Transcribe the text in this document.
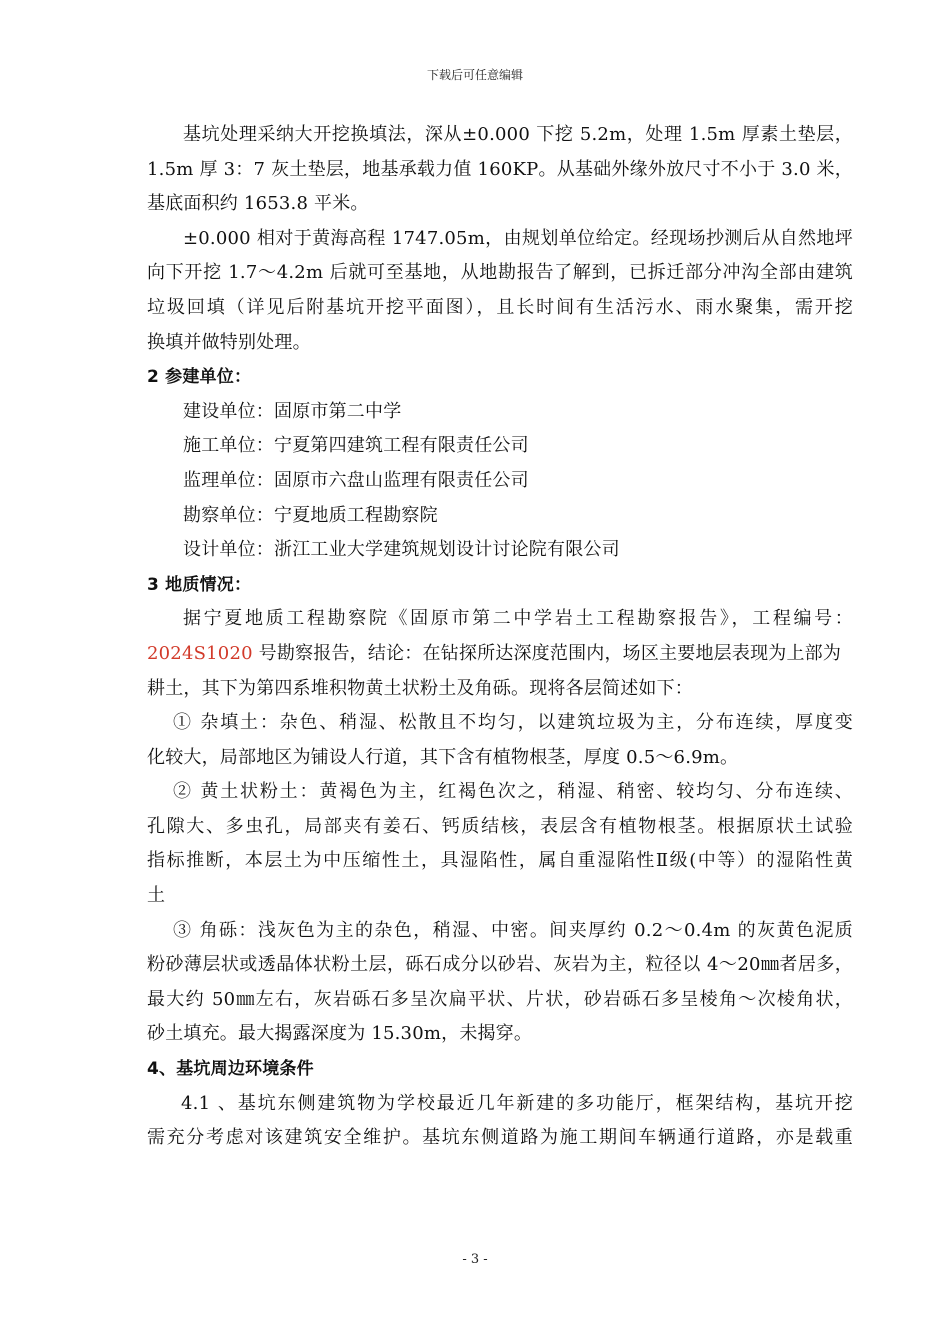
下载后可任意编辑
基坑处理采纳大开挖换填法，深从±0.000 下挖 5.2m，处理 1.5m 厚素土垫层，
1.5m 厚 3：7 灰土垫层，地基承载力值 160KP。从基础外缘外放尺寸不小于 3.0 米，
基底面积约 1653.8 平米。
±0.000 相对于黄海高程 1747.05m，由规划单位给定。经现场抄测后从自然地坪
向下开挖 1.7～4.2m 后就可至基地，从地勘报告了解到，已拆迁部分冲沟全部由建筑
垃圾回填（详见后附基坑开挖平面图），且长时间有生活污水、雨水聚集，需开挖
换填并做特别处理。
2 参建单位：
建设单位：固原市第二中学
施工单位：宁夏第四建筑工程有限责任公司
监理单位：固原市六盘山监理有限责任公司
勘察单位：宁夏地质工程勘察院
设计单位：浙江工业大学建筑规划设计讨论院有限公司
3 地质情况：
据宁夏地质工程勘察院《固原市第二中学岩土工程勘察报告》，工程编号：
2024S1020 号勘察报告，结论：在钻探所达深度范围内，场区主要地层表现为上部为
耕土，其下为第四系堆积物黄土状粉土及角砾。现将各层简述如下：
① 杂填土：杂色、稍湿、松散且不均匀，以建筑垃圾为主，分布连续，厚度变
化较大，局部地区为铺设人行道，其下含有植物根茎，厚度 0.5～6.9m。
② 黄土状粉土：黄褐色为主，红褐色次之，稍湿、稍密、较均匀、分布连续、
孔隙大、多虫孔，局部夹有姜石、钙质结核，表层含有植物根茎。根据原状土试验
指标推断，本层土为中压缩性土，具湿陷性，属自重湿陷性Ⅱ级(中等）的湿陷性黄
土
③ 角砾：浅灰色为主的杂色，稍湿、中密。间夹厚约 0.2～0.4m 的灰黄色泥质
粉砂薄层状或透晶体状粉土层，砾石成分以砂岩、灰岩为主，粒径以 4～20㎜者居多，
最大约 50㎜左右，灰岩砾石多呈次扁平状、片状，砂岩砾石多呈棱角～次棱角状，
砂土填充。最大揭露深度为 15.30m，未揭穿。
4、基坑周边环境条件
4.1 、基坑东侧建筑物为学校最近几年新建的多功能厅，框架结构，基坑开挖
需充分考虑对该建筑安全维护。基坑东侧道路为施工期间车辆通行道路，亦是载重
- 3 -
